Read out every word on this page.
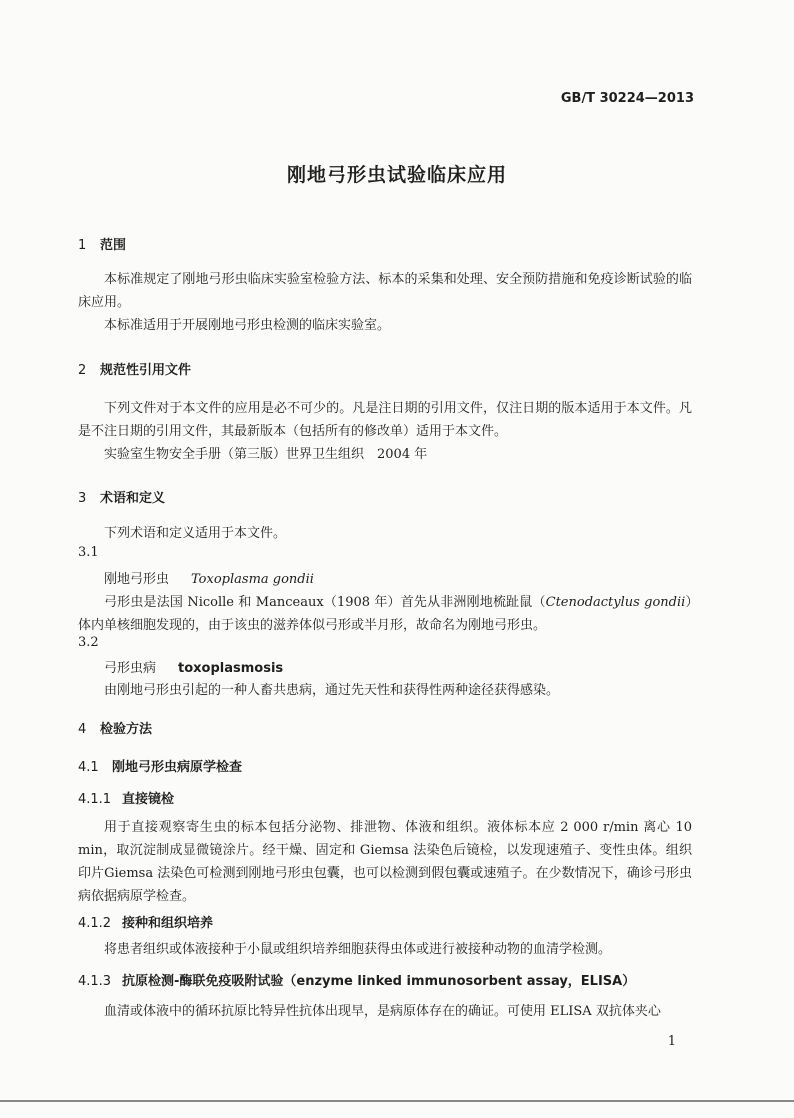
GB/T 30224—2013
刚地弓形虫试验临床应用
1 范围
本标准规定了刚地弓形虫临床实验室检验方法、标本的采集和处理、安全预防措施和免疫诊断试验的临床应用。
本标准适用于开展刚地弓形虫检测的临床实验室。
2 规范性引用文件
下列文件对于本文件的应用是必不可少的。凡是注日期的引用文件，仅注日期的版本适用于本文件。凡是不注日期的引用文件，其最新版本（包括所有的修改单）适用于本文件。
实验室生物安全手册（第三版）世界卫生组织　2004 年
3 术语和定义
下列术语和定义适用于本文件。
3.1
刚地弓形虫 Toxoplasma gondii
弓形虫是法国 Nicolle 和 Manceaux（1908 年）首先从非洲刚地梳趾鼠（Ctenodactylus gondii）体内单核细胞发现的，由于该虫的滋养体似弓形或半月形，故命名为刚地弓形虫。
3.2
弓形虫病 toxoplasmosis
由刚地弓形虫引起的一种人畜共患病，通过先天性和获得性两种途径获得感染。
4 检验方法
4.1 刚地弓形虫病原学检查
4.1.1 直接镜检
用于直接观察寄生虫的标本包括分泌物、排泄物、体液和组织。液体标本应 2 000 r/min 离心 10 min，取沉淀制成显微镜涂片。经干燥、固定和 Giemsa 法染色后镜检，以发现速殖子、变性虫体。组织印片Giemsa 法染色可检测到刚地弓形虫包囊，也可以检测到假包囊或速殖子。在少数情况下，确诊弓形虫病依据病原学检查。
4.1.2 接种和组织培养
将患者组织或体液接种于小鼠或组织培养细胞获得虫体或进行被接种动物的血清学检测。
4.1.3 抗原检测-酶联免疫吸附试验（enzyme linked immunosorbent assay，ELISA）
血清或体液中的循环抗原比特异性抗体出现早，是病原体存在的确证。可使用 ELISA 双抗体夹心
1
